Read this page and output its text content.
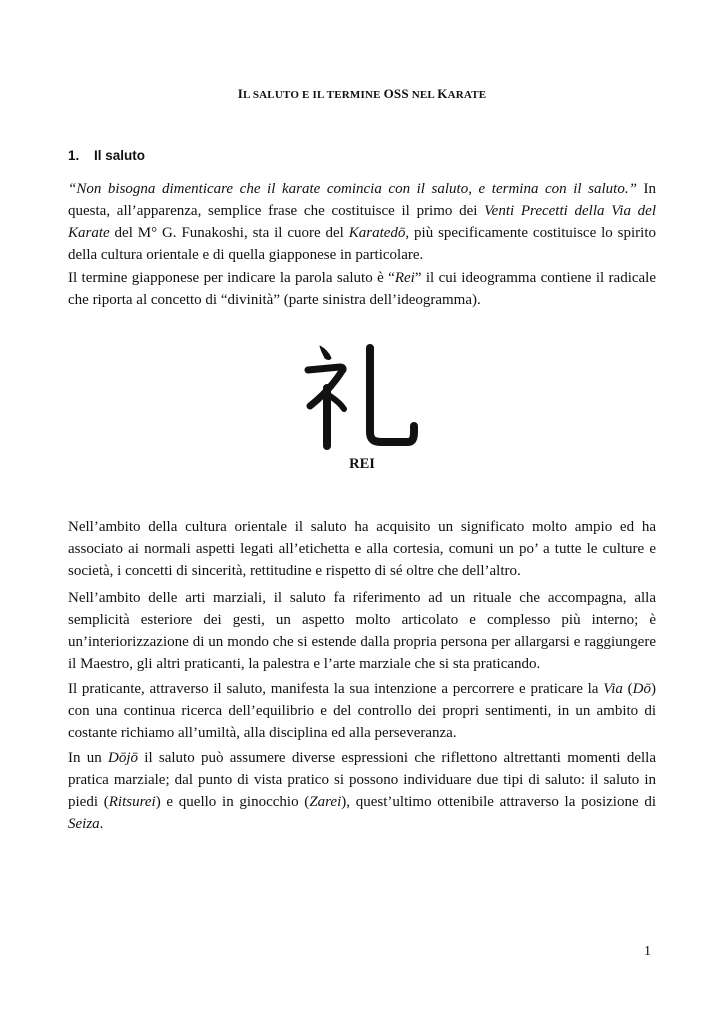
IL SALUTO E IL TERMINE OSS NEL KARATE
1. Il saluto

“Non bisogna dimenticare che il karate comincia con il saluto, e termina con il saluto.” In questa, all’apparenza, semplice frase che costituisce il primo dei Venti Precetti della Via del Karate del M° G. Funakoshi, sta il cuore del Karatedō, più specificamente costituisce lo spirito della cultura orientale e di quella giapponese in particolare.

Il termine giapponese per indicare la parola saluto è “Rei” il cui ideogramma contiene il radicale che riporta al concetto di “divinità” (parte sinistra dell’ideogramma).

REI

Nell’ambito della cultura orientale il saluto ha acquisito un significato molto ampio ed ha associato ai normali aspetti legati all’etichetta e alla cortesia, comuni un po’ a tutte le culture e società, i concetti di sincerità, rettitudine e rispetto di sé oltre che dell’altro.

Nell’ambito delle arti marziali, il saluto fa riferimento ad un rituale che accompagna, alla semplicità esteriore dei gesti, un aspetto molto articolato e complesso più interno; è un’interiorizzazione di un mondo che si estende dalla propria persona per allargarsi e raggiungere il Maestro, gli altri praticanti, la palestra e l’arte marziale che si sta praticando.

Il praticante, attraverso il saluto, manifesta la sua intenzione a percorrere e praticare la Via (Dō) con una continua ricerca dell’equilibrio e del controllo dei propri sentimenti, in un ambito di costante richiamo all’umiltà, alla disciplina ed alla perseveranza.

In un Dōjō il saluto può assumere diverse espressioni che riflettono altrettanti momenti della pratica marziale; dal punto di vista pratico si possono individuare due tipi di saluto: il saluto in piedi (Ritsurei) e quello in ginocchio (Zarei), quest’ultimo ottenibile attraverso la posizione di Seiza.

1
